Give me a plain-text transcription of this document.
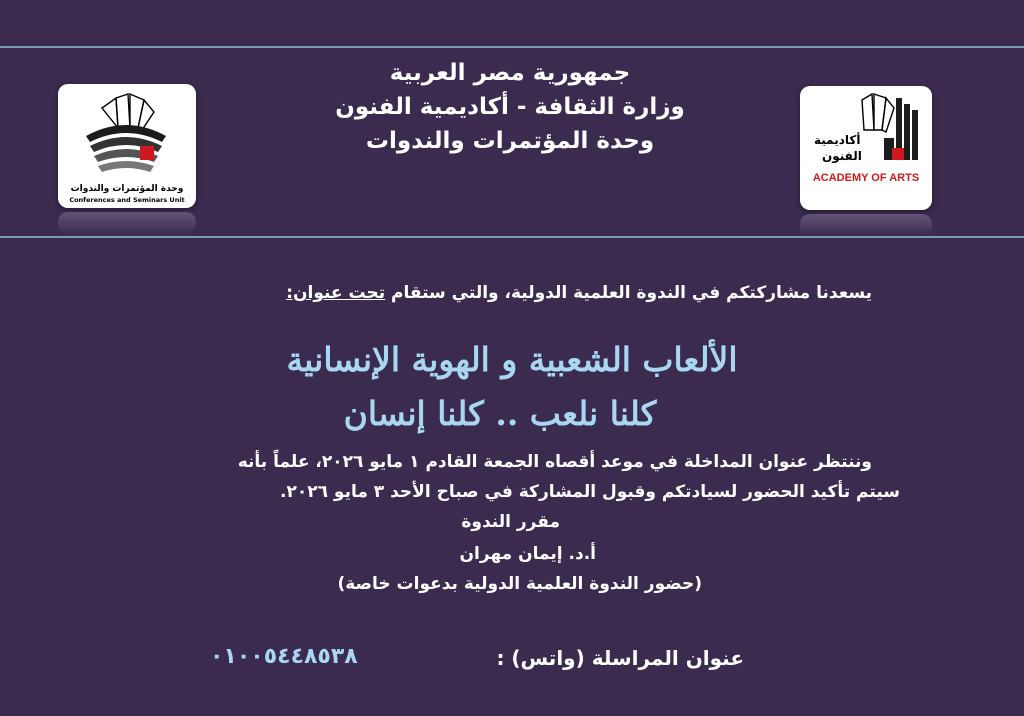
وحدة المؤتمرات والندوات
Conferences and Seminars Unit
جمهورية مصر العربية
وزارة الثقافة - أكاديمية الفنون
وحدة المؤتمرات والندوات	أكاديمية
الفنون
ACADEMY OF ARTS
يسعدنا مشاركتكم في الندوة العلمية الدولية، والتي ستقام تحت عنوان:
الألعاب الشعبية و الهوية الإنسانية
كلنا نلعب .. كلنا إنسان
وننتظر عنوان المداخلة في موعد أقصاه الجمعة القادم ١ مايو ٢٠٢٦، علماً بأنه
سيتم تأكيد الحضور لسيادتكم وقبول المشاركة في صباح الأحد ٣ مايو ٢٠٢٦.
مقرر الندوة
أ.د. إيمان مهران
(حضور الندوة العلمية الدولية بدعوات خاصة)
عنوان المراسلة (واتس) :
٠١٠٠٥٤٤٨٥٣٨
